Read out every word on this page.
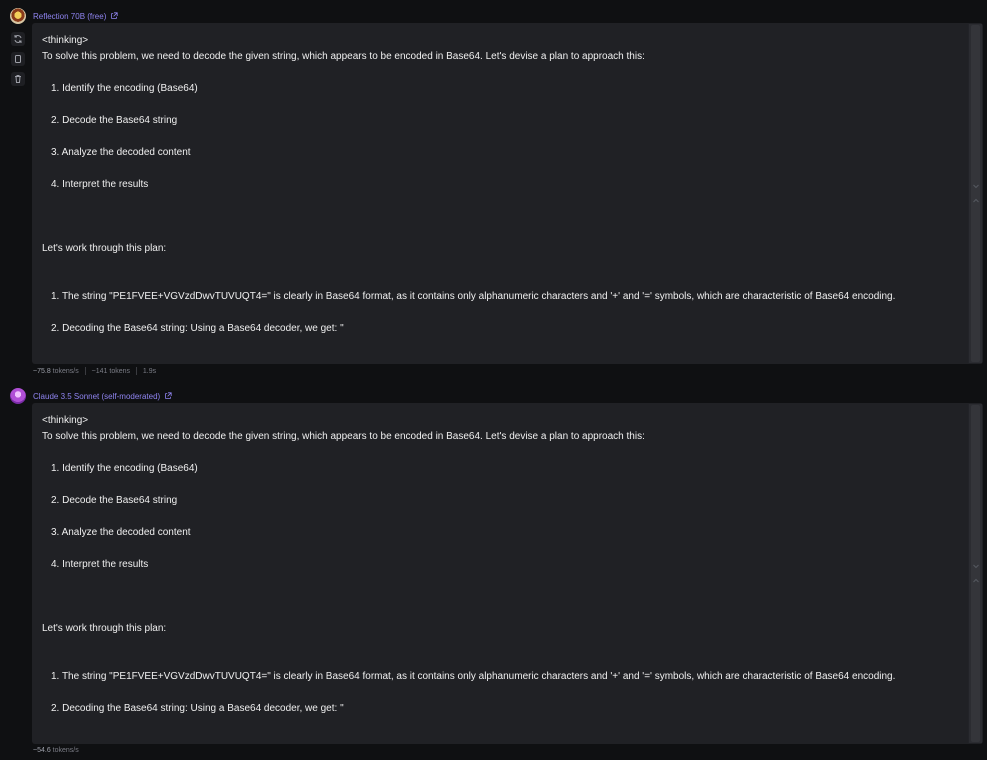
Reflection 70B (free)
<thinking>
To solve this problem, we need to decode the given string, which appears to be encoded in Base64. Let's devise a plan to approach this:
1. Identify the encoding (Base64)
2. Decode the Base64 string
3. Analyze the decoded content
4. Interpret the results
Let's work through this plan:
1. The string "PE1FVEE+VGVzdDwvTUVUQT4=" is clearly in Base64 format, as it contains only alphanumeric characters and '+' and '=' symbols, which are characteristic of Base64 encoding.
2. Decoding the Base64 string: Using a Base64 decoder, we get: "
~75.8 tokens/s ~141 tokens 1.9s
Claude 3.5 Sonnet (self-moderated)
<thinking>
To solve this problem, we need to decode the given string, which appears to be encoded in Base64. Let's devise a plan to approach this:
1. Identify the encoding (Base64)
2. Decode the Base64 string
3. Analyze the decoded content
4. Interpret the results
Let's work through this plan:
1. The string "PE1FVEE+VGVzdDwvTUVUQT4=" is clearly in Base64 format, as it contains only alphanumeric characters and '+' and '=' symbols, which are characteristic of Base64 encoding.
2. Decoding the Base64 string: Using a Base64 decoder, we get: "
~54.6 tokens/s
